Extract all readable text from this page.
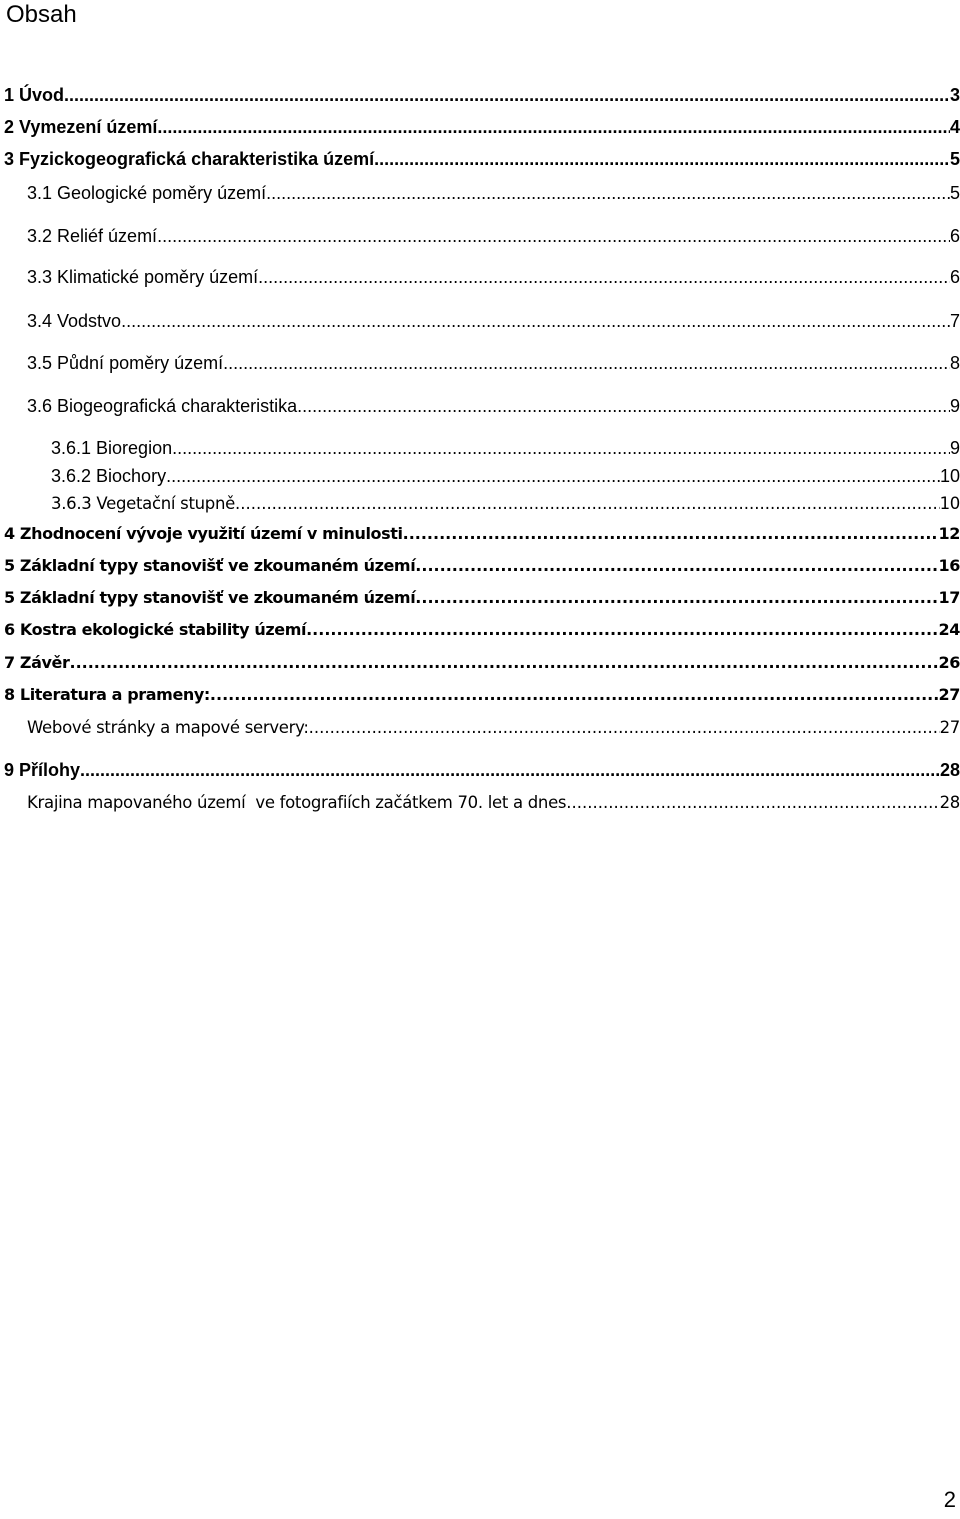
Obsah
1 Úvod .....	3
2 Vymezení území .....	4
3 Fyzickogeografická charakteristika území .....	5
3.1 Geologické poměry území .....	5
3.2 Reliéf území .....	6
3.3 Klimatické poměry území .....	6
3.4 Vodstvo .....	7
3.5 Půdní poměry území .....	8
3.6 Biogeografická charakteristika .....	9
3.6.1 Bioregion .....	9
3.6.2 Biochory .....	10
3.6.3 Vegetační stupně .....	10
4 Zhodnocení vývoje využití území v minulosti .....	12
5 Základní typy stanovišť ve zkoumaném území .....	16
5 Základní typy stanovišť ve zkoumaném území .....	17
6 Kostra ekologické stability území .....	24
7 Závěr .....	26
8 Literatura a prameny: .....	27
Webové stránky a mapové servery: .....	27
9 Přílohy .....	28
Krajina mapovaného území  ve fotografiích začátkem 70. let a dnes .....	28
2
